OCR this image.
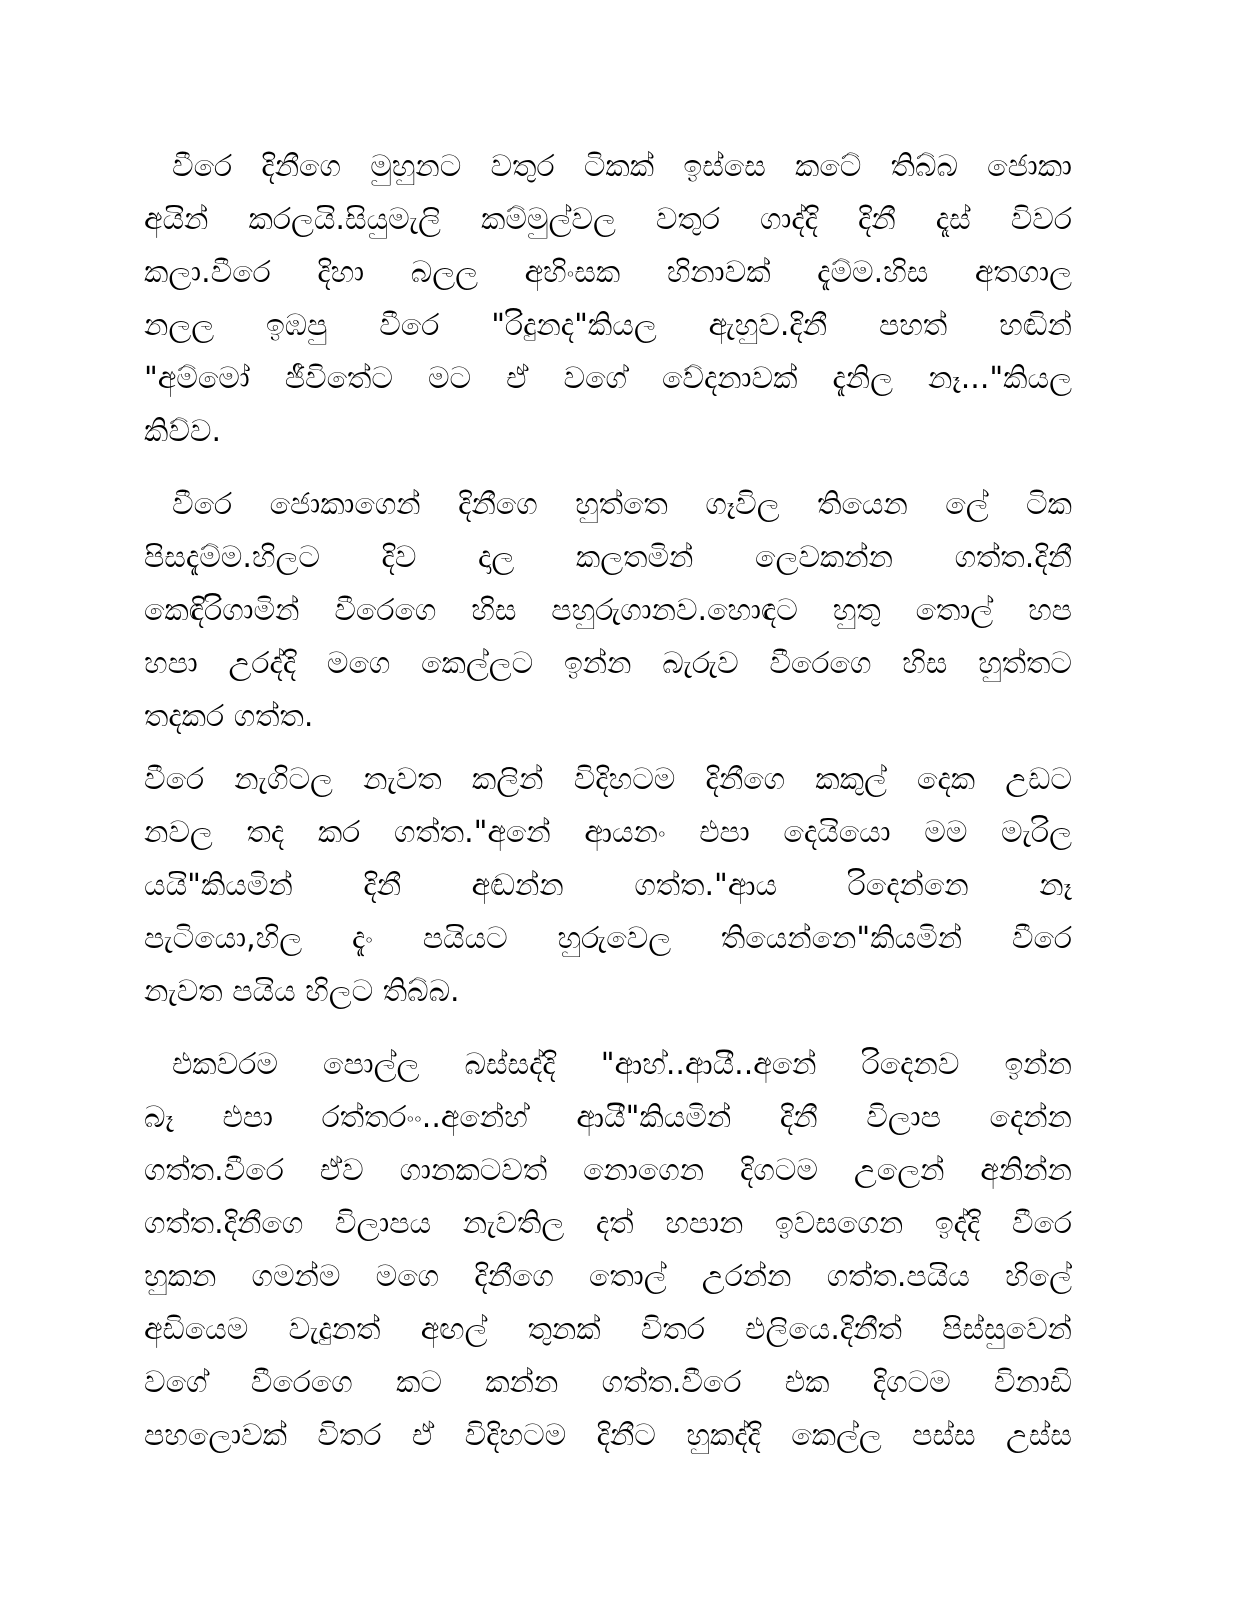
වීරෙ දිනීගෙ මුහුනට වතුර ටිකක් ඉස්සෙ කටේ තිබ්බ ජොකා
අයින් කරලයි.සියුමැලි කම්මුල්වල වතුර ගාද්දි දිනී දෑස් විවර
කලා.වීරෙ දිහා බලල අහිංසක හිනාවක් දැම්ම.හිස අතගාල
නලල ඉඹපු වීරෙ "රිදුනද"කියල ඇහුව.දිනී පහත් හඬින්
"අම්මෝ ජීවිතේට මට ඒ වගේ වේදනාවක් දැනිල නෑ..."කියල
කිව්ව.

වීරෙ ජොකාගෙන් දිනීගෙ හුත්තෙ ගෑවිල තියෙන ලේ ටික
පිසදැම්ම.හිලට දිව දාල කලතමින් ලෙවකන්න ගත්ත.දිනී
කෙඳිරිගාමින් වීරෙගෙ හිස පහුරුගානව.හොඳට හුතු තොල් හප
හපා උරද්දි මගෙ කෙල්ලට ඉන්න බැරුව වීරෙගෙ හිස හුත්තට
තදකර ගත්ත.

වීරෙ නැගිටල නැවත කලින් විදිහටම දිනීගෙ කකුල් දෙක උඩට
නවල තද කර ගත්ත."අනේ ආයනං එපා දෙයියො මම මැරිල
යයි"කියමින් දිනී අඬන්න ගත්ත."ආය රිදෙන්නෙ නෑ
පැටියො,හිල දැං පයියට හුරුවෙල තියෙන්නෙ"කියමින් වීරෙ
නැවත පයිය හිලට තිබ්බ.

එකවරම පොල්ල බස්සද්දි "ආහ්..ආයී..අනේ රිදෙනව ඉන්න
බෑ එපා රත්තරංං..අනේහ් ආයී"කියමින් දිනී විලාප දෙන්න
ගත්ත.වීරෙ ඒව ගානකටවත් නොගෙන දිගටම උලෙන් අනින්න
ගත්ත.දිනීගෙ විලාපය නැවතිල දත් හපාන ඉවසගෙන ඉද්දි වීරෙ
හුකන ගමන්ම මගෙ දිනීගෙ තොල් උරන්න ගත්ත.පයිය හිලේ
අඩියෙම වැදුනත් අඟල් තුනක් විතර එලියෙ.දිනීත් පිස්සුවෙන්
වගේ වීරෙගෙ කට කන්න ගත්ත.වීරෙ එක දිගටම විනාඩි
පහලොවක් විතර ඒ විදිහටම දිනීට හුකද්දි කෙල්ල පස්ස උස්ස
